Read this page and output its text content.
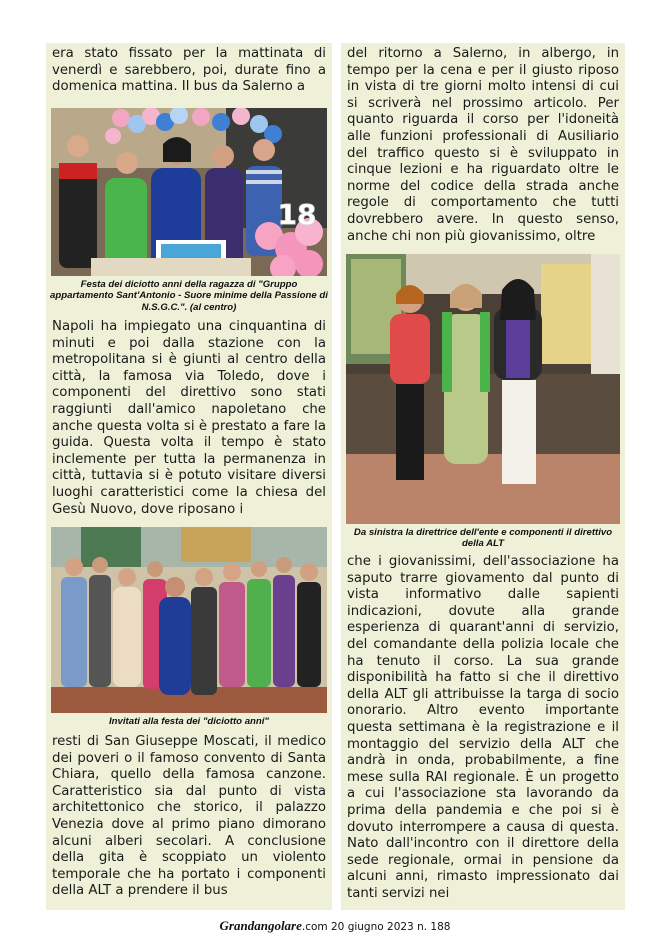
era stato fissato per la mattinata di venerdì e sarebbero, poi, durate fino a domenica mattina. Il bus da Salerno a

18

Festa dei diciotto anni della ragazza di "Gruppo appartamento Sant'Antonio - Suore minime della Passione di N.S.G.C.". (al centro)

Napoli ha impiegato una cinquantina di minuti e poi dalla stazione con la metropolitana si è giunti al centro della città, la famosa via Toledo, dove i componenti del direttivo sono stati raggiunti dall'amico napoletano che anche questa volta si è prestato a fare la guida. Questa volta il tempo è stato inclemente per tutta la permanenza in città, tuttavia si è potuto visitare diversi luoghi caratteristici come la chiesa del Gesù Nuovo, dove riposano i

Invitati alla festa dei "diciotto anni"

resti di San Giuseppe Moscati, il medico dei poveri o il famoso convento di Santa Chiara, quello della famosa canzone. Caratteristico sia dal punto di vista architettonico che storico, il palazzo Venezia dove al primo piano dimorano alcuni alberi secolari. A conclusione della gita è scoppiato un violento temporale che ha portato i componenti della ALT a prendere il bus

del ritorno a Salerno, in albergo, in tempo per la cena e per il giusto riposo in vista di tre giorni molto intensi di cui si scriverà nel prossimo articolo. Per quanto riguarda il corso per l'idoneità alle funzioni professionali di Ausiliario del traffico questo si è sviluppato in cinque lezioni e ha riguardato oltre le norme del codice della strada anche regole di comportamento che tutti dovrebbero avere. In questo senso, anche chi non più giovanissimo, oltre

Da sinistra la direttrice dell'ente e componenti il direttivo della ALT

che i giovanissimi, dell'associazione ha saputo trarre giovamento dal punto di vista informativo dalle sapienti indicazioni, dovute alla grande esperienza di quarant'anni di servizio, del comandante della polizia locale che ha tenuto il corso. La sua grande disponibilità ha fatto si che il direttivo della ALT gli attribuisse la targa di socio onorario. Altro evento importante questa settimana è la registrazione e il montaggio del servizio della ALT che andrà in onda, probabilmente, a fine mese sulla RAI regionale. È un progetto a cui l'associazione sta lavorando da prima della pandemia e che poi si è dovuto interrompere a causa di questa. Nato dall'incontro con il direttore della sede regionale, ormai in pensione da alcuni anni, rimasto impressionato dai tanti servizi nei

Grandangolare.com 20 giugno 2023 n. 188
